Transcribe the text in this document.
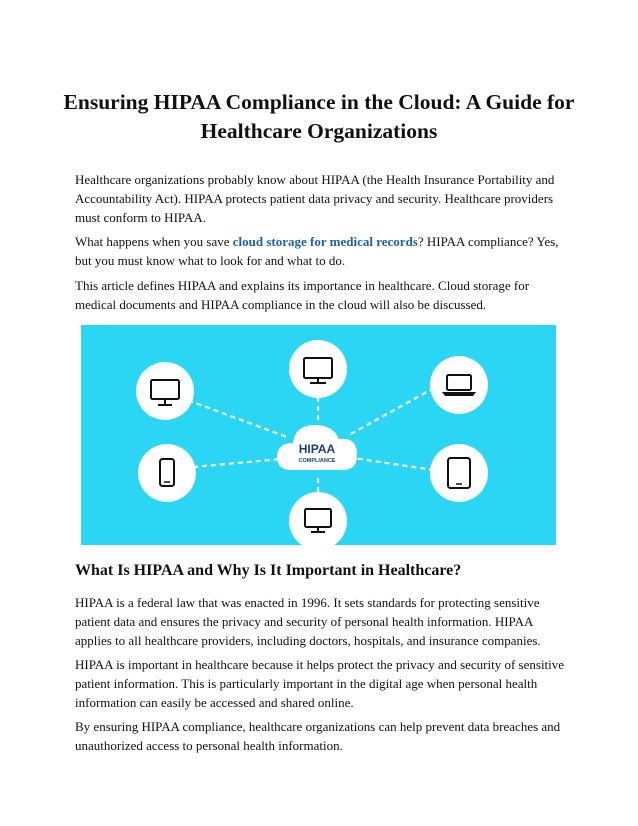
Ensuring HIPAA Compliance in the Cloud: A Guide for Healthcare Organizations

Healthcare organizations probably know about HIPAA (the Health Insurance Portability and Accountability Act). HIPAA protects patient data privacy and security. Healthcare providers must conform to HIPAA.

What happens when you save cloud storage for medical records? HIPAA compliance? Yes, but you must know what to look for and what to do.

This article defines HIPAA and explains its importance in healthcare. Cloud storage for medical documents and HIPAA compliance in the cloud will also be discussed.

HIPAA
COMPLIANCE
What Is HIPAA and Why Is It Important in Healthcare?

HIPAA is a federal law that was enacted in 1996. It sets standards for protecting sensitive patient data and ensures the privacy and security of personal health information. HIPAA applies to all healthcare providers, including doctors, hospitals, and insurance companies.

HIPAA is important in healthcare because it helps protect the privacy and security of sensitive patient information. This is particularly important in the digital age when personal health information can easily be accessed and shared online.

By ensuring HIPAA compliance, healthcare organizations can help prevent data breaches and unauthorized access to personal health information.
